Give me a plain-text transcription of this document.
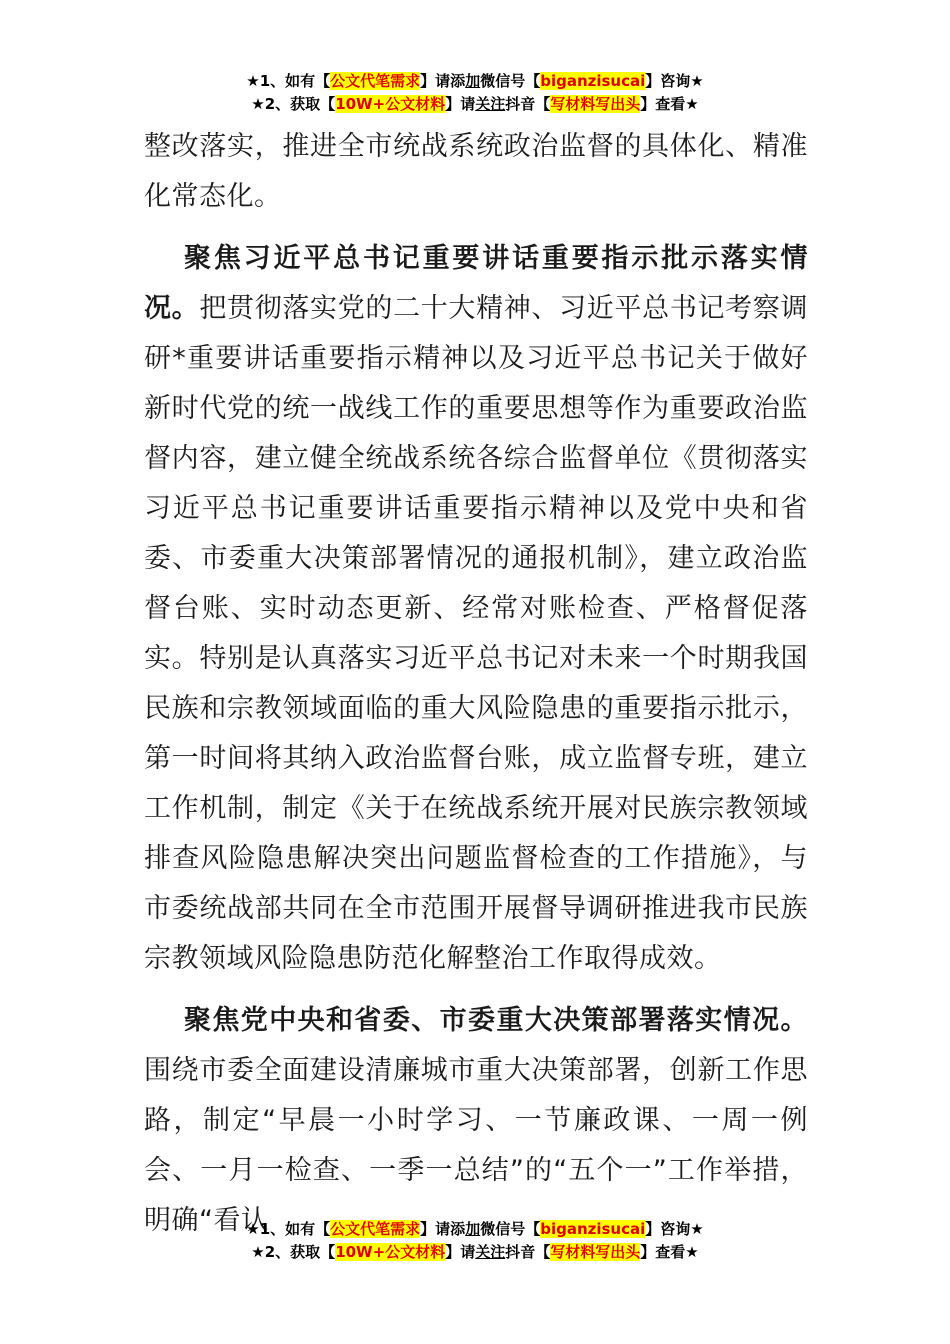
★1、如有【公文代笔需求】请添加微信号【biganzisucai】咨询★
★2、获取【10W+公文材料】请关注抖音【写材料写出头】查看★

整改落实，推进全市统战系统政治监督的具体化、精准化常态化。

聚焦习近平总书记重要讲话重要指示批示落实情况。把贯彻落实党的二十大精神、习近平总书记考察调研*重要讲话重要指示精神以及习近平总书记关于做好新时代党的统一战线工作的重要思想等作为重要政治监督内容，建立健全统战系统各综合监督单位《贯彻落实习近平总书记重要讲话重要指示精神以及党中央和省委、市委重大决策部署情况的通报机制》，建立政治监督台账、实时动态更新、经常对账检查、严格督促落实。特别是认真落实习近平总书记对未来一个时期我国民族和宗教领域面临的重大风险隐患的重要指示批示，第一时间将其纳入政治监督台账，成立监督专班，建立工作机制，制定《关于在统战系统开展对民族宗教领域排查风险隐患解决突出问题监督检查的工作措施》，与市委统战部共同在全市范围开展督导调研推进我市民族宗教领域风险隐患防范化解整治工作取得成效。

聚焦党中央和省委、市委重大决策部署落实情况。围绕市委全面建设清廉城市重大决策部署，创新工作思路，制定“早晨一小时学习、一节廉政课、一周一例会、一月一检查、一季一总结”的“五个一”工作举措，明确“看认

★1、如有【公文代笔需求】请添加微信号【biganzisucai】咨询★
★2、获取【10W+公文材料】请关注抖音【写材料写出头】查看★
